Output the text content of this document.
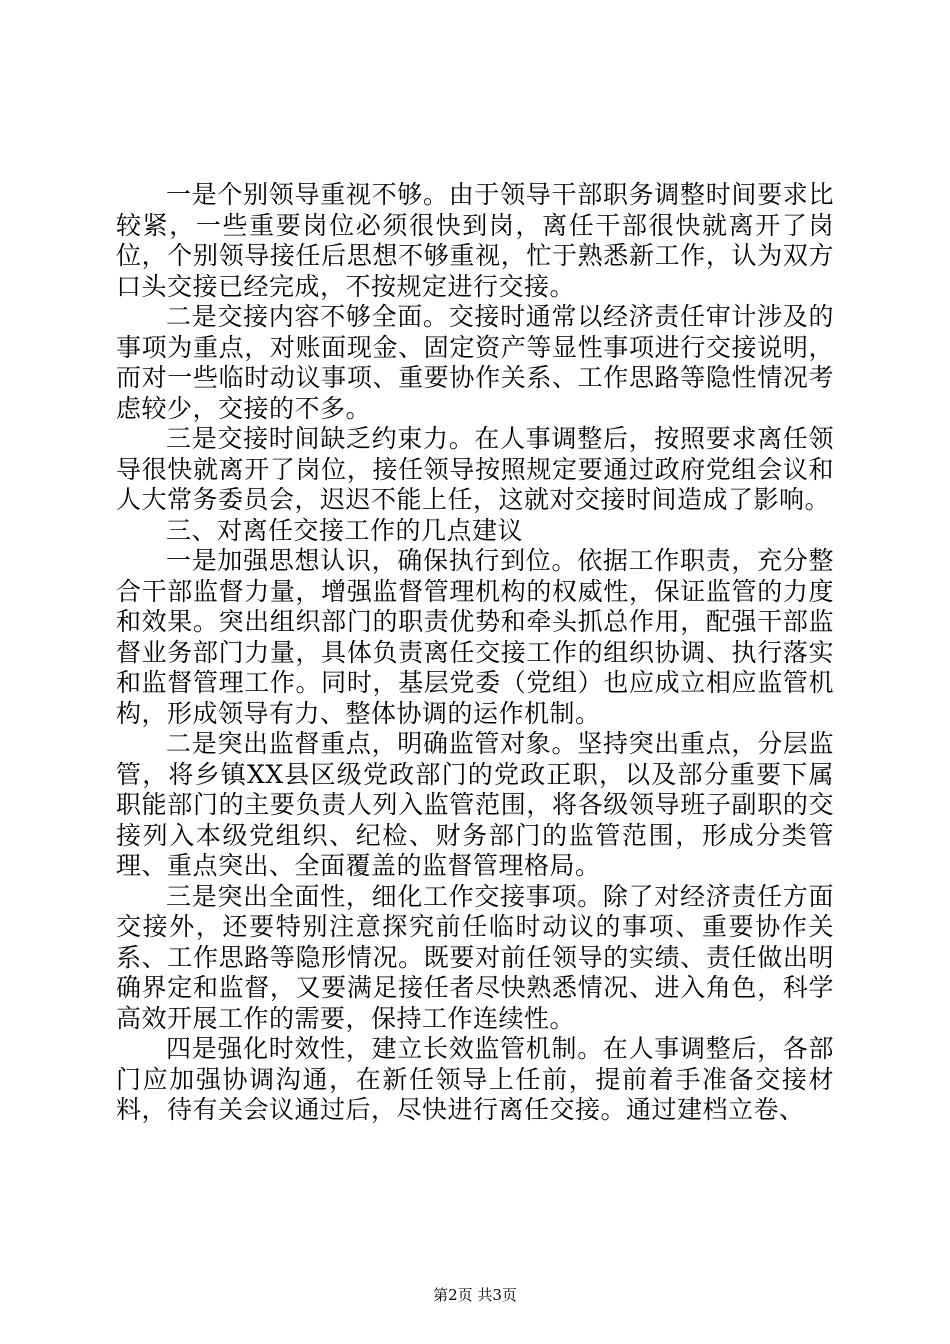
一是个别领导重视不够。由于领导干部职务调整时间要求比较紧，一些重要岗位必须很快到岗，离任干部很快就离开了岗位，个别领导接任后思想不够重视，忙于熟悉新工作，认为双方口头交接已经完成，不按规定进行交接。

二是交接内容不够全面。交接时通常以经济责任审计涉及的事项为重点，对账面现金、固定资产等显性事项进行交接说明，而对一些临时动议事项、重要协作关系、工作思路等隐性情况考虑较少，交接的不多。

三是交接时间缺乏约束力。在人事调整后，按照要求离任领导很快就离开了岗位，接任领导按照规定要通过政府党组会议和人大常务委员会，迟迟不能上任，这就对交接时间造成了影响。

三、对离任交接工作的几点建议

一是加强思想认识，确保执行到位。依据工作职责，充分整合干部监督力量，增强监督管理机构的权威性，保证监管的力度和效果。突出组织部门的职责优势和牵头抓总作用，配强干部监督业务部门力量，具体负责离任交接工作的组织协调、执行落实和监督管理工作。同时，基层党委（党组）也应成立相应监管机构，形成领导有力、整体协调的运作机制。

二是突出监督重点，明确监管对象。坚持突出重点，分层监管，将乡镇XX县区级党政部门的党政正职，以及部分重要下属职能部门的主要负责人列入监管范围，将各级领导班子副职的交接列入本级党组织、纪检、财务部门的监管范围，形成分类管理、重点突出、全面覆盖的监督管理格局。

三是突出全面性，细化工作交接事项。除了对经济责任方面交接外，还要特别注意探究前任临时动议的事项、重要协作关系、工作思路等隐形情况。既要对前任领导的实绩、责任做出明确界定和监督，又要满足接任者尽快熟悉情况、进入角色，科学高效开展工作的需要，保持工作连续性。

四是强化时效性，建立长效监管机制。在人事调整后，各部门应加强协调沟通，在新任领导上任前，提前着手准备交接材料，待有关会议通过后，尽快进行离任交接。通过建档立卷、

第2页 共3页
